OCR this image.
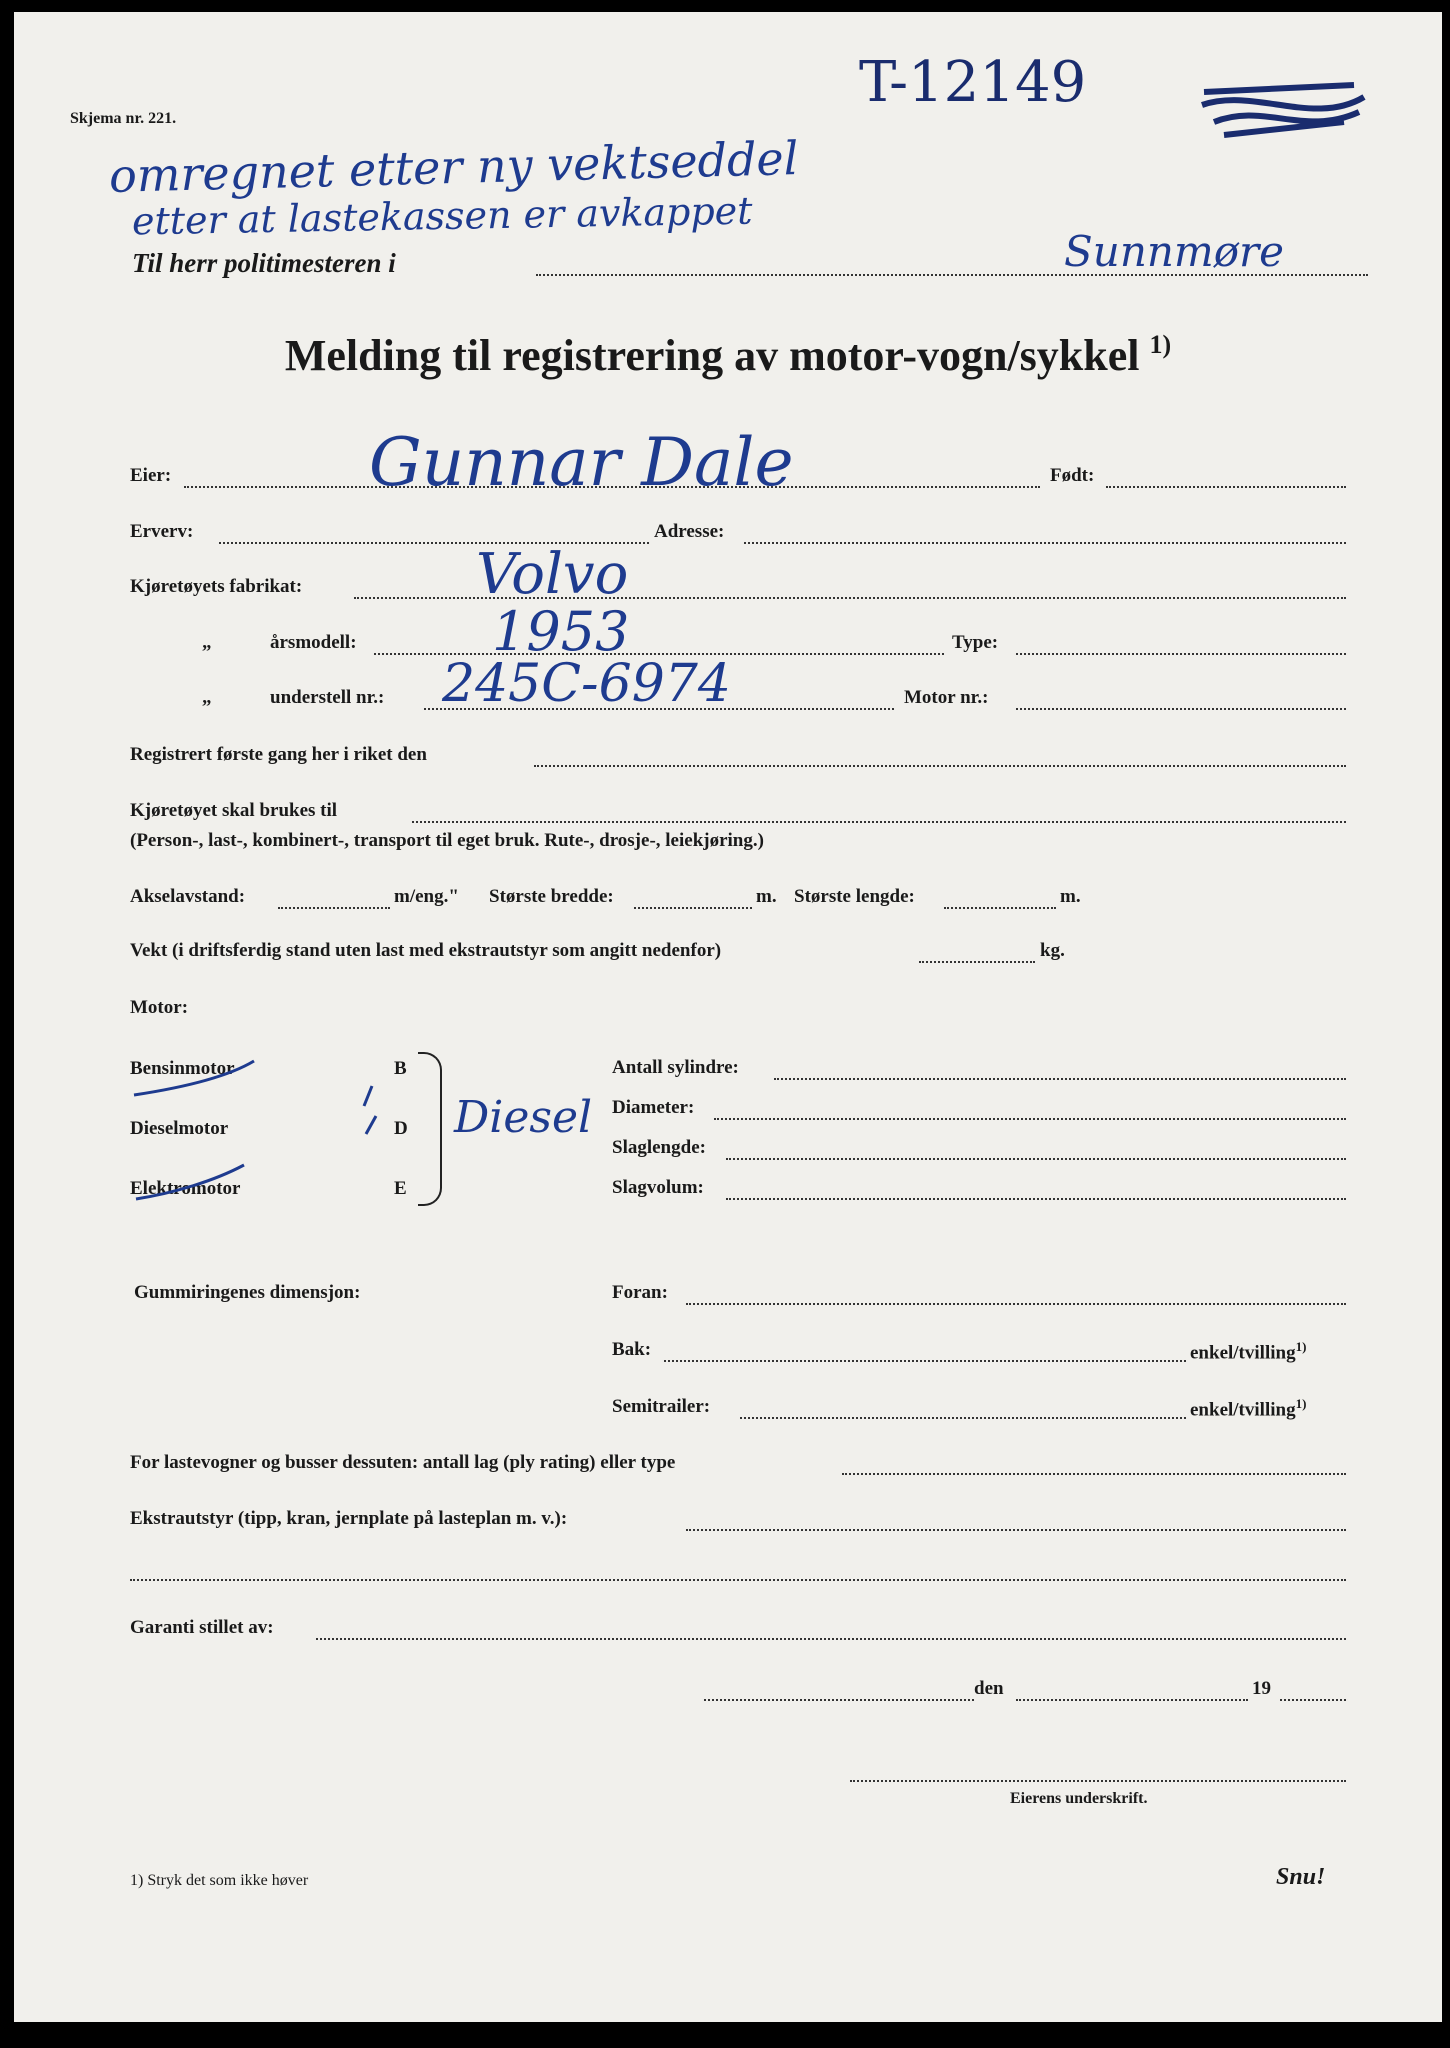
Skjema nr. 221.
T-12149
omregnet etter ny vektseddel
etter at lastekassen er avkappet
Til herr politimesteren i	Sunnmøre
Melding til registrering av motor-vogn/sykkel $^{1)}$
Eier:	Gunnar Dale	Født:
Erverv:	Adresse:
Kjøretøyets fabrikat:	Volvo
„	årsmodell:	1953	Type:
„	understell nr.: 245C-6974	Motor nr.:
Registrert første gang her i riket den
Kjøretøyet skal brukes til
(Person-, last-, kombinert-, transport til eget bruk. Rute-, drosje-, leiekjøring.)
Akselavstand:	m/eng." Største bredde:	m. Største lengde:	m.
Vekt (i driftsferdig stand uten last med ekstrautstyr som angitt nedenfor)	kg.
Motor:
Bensinmotor	B
Dieselmotor	D
Elektromotor	E
Diesel
Antall sylindre:
Diameter:
Slaglengde:
Slagvolum:
Gummiringenes dimensjon:	Foran:
Bak:	enkel/tvilling$^{1)}$
Semitrailer:	enkel/tvilling$^{1)}$
For lastevogner og busser dessuten: antall lag (ply rating) eller type
Ekstrautstyr (tipp, kran, jernplate på lasteplan m. v.):
Garanti stillet av:
den	19
Eierens underskrift.
1) Stryk det som ikke høver	Snu!
